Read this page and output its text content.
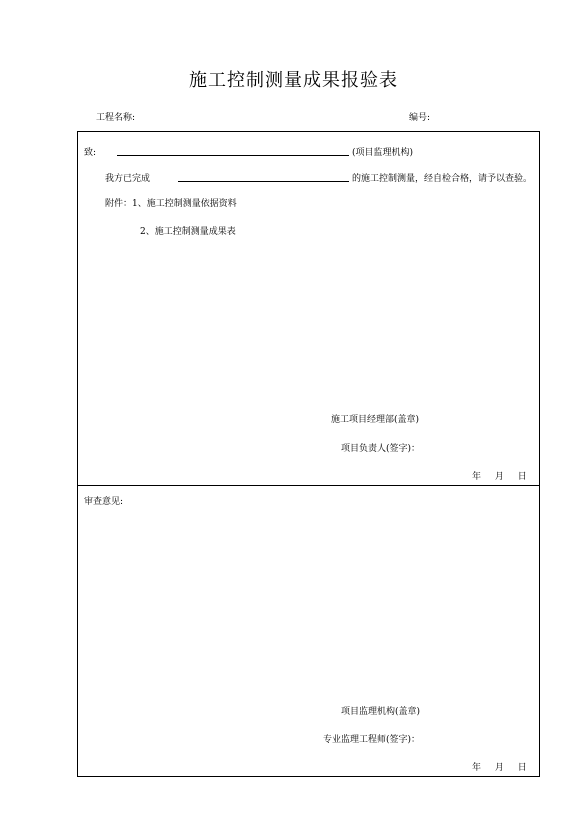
施工控制测量成果报验表
工程名称:	编号:
致:	(项目监理机构)
我方已完成	的施工控制测量，经自检合格，请予以查验。
附件：1、施工控制测量依据资料
2、施工控制测量成果表
施工项目经理部(盖章)
项目负责人(签字)：
年 月 日
审查意见:
项目监理机构(盖章)
专业监理工程师(签字)：
年 月 日
